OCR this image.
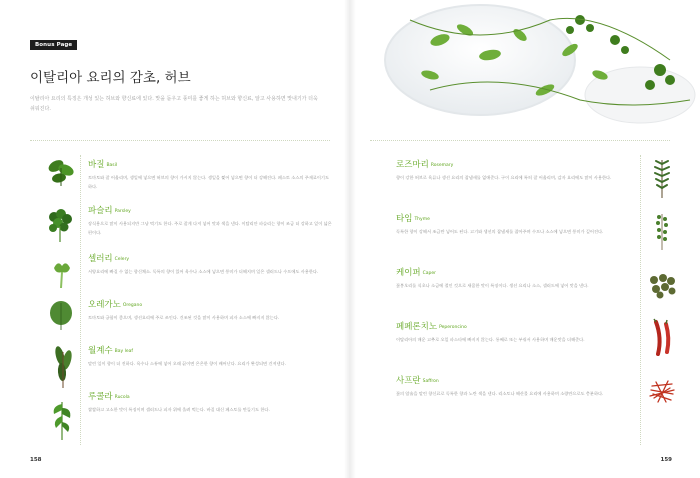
Bonus Page
이탈리아 요리의 감초, 허브
이탈리아 요리의 특징은 개성 있는 허브와 향신료에 있다. 맛을 돋우고 풍미를 좋게 하는 허브와 향신료, 알고 사용하면 맛내기가 더욱 쉬워진다.
바질 Basil
토마토와 잘 어울리며, 생잎에 넣으면 허브의 향이 가시지 않는다. 생잎을 찢어 넣으면 향이 더 강해진다. 페스토 소스의 주재료이기도 하다.
파슬리 Parsley
장식용으로 많이 사용되지만 그냥 먹기도 한다. 주로 잘게 다져 넣어 맛과 색을 낸다. 이탈리안 파슬리는 향이 조금 더 강하고 잎이 넓은 편이다.
셀러리 Celery
서양요리에 빠질 수 없는 향신채소. 독특의 향이 있어 육수나 소스에 넣으면 풍미가 더해지며 잎은 샐러드나 수프에도 사용한다.
오레가노 Oregano
토마토와 궁합이 좋으며, 생선요리에 주로 쓰인다. 건조된 것을 많이 사용하며 피자 소스에 빠지지 않는다.
월계수 Bay leaf
말린 잎이 향이 더 진하다. 육수나 스튜에 넣어 오래 끓이면 은은한 향이 배어난다. 요리가 완성되면 건져낸다.
루콜라 Rucola
쌉쌀하고 고소한 맛이 특징이며 샐러드나 피자 위에 올려 먹는다. 바질 대신 페스토를 만들기도 한다.
158
로즈마리 Rosemary
향이 강한 허브로 육류나 생선 요리의 잡냄새를 없애준다. 구이 요리에 특히 잘 어울리며, 감자 요리에도 많이 사용한다.
타임 Thyme
독특한 향이 강해서 조금만 넣어도 된다. 고기와 생선의 잡냄새를 잡아주며 수프나 소스에 넣으면 풍미가 깊어진다.
케이퍼 Caper
꽃봉오리를 식초나 소금에 절인 것으로 새콤한 맛이 특징이다. 생선 요리나 소스, 샐러드에 넣어 맛을 낸다.
페페론치노 Peperoncino
이탈리아의 매운 고추로 오일 파스타에 빠지지 않는다. 통째로 또는 부숴서 사용하며 매운맛을 더해준다.
사프란 Saffron
꽃의 암술을 말린 향신료로 독특한 향과 노란 색을 낸다. 리소토나 해산물 요리에 사용하며 소량만으로도 충분하다.
159
